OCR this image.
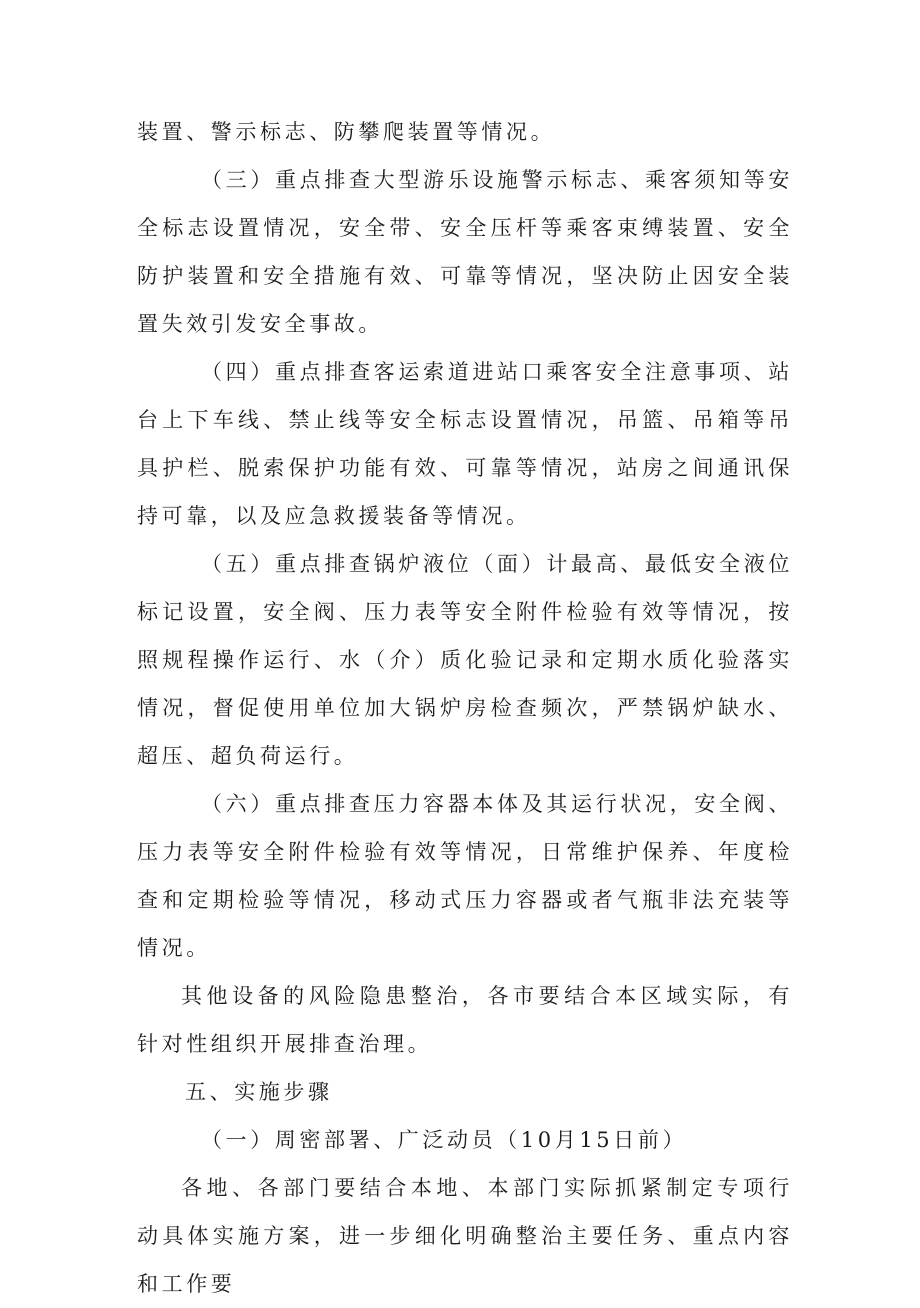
装置、警示标志、防攀爬装置等情况。

（三）重点排查大型游乐设施警示标志、乘客须知等安全标志设置情况，安全带、安全压杆等乘客束缚装置、安全防护装置和安全措施有效、可靠等情况，坚决防止因安全装置失效引发安全事故。

（四）重点排查客运索道进站口乘客安全注意事项、站台上下车线、禁止线等安全标志设置情况，吊篮、吊箱等吊具护栏、脱索保护功能有效、可靠等情况，站房之间通讯保持可靠，以及应急救援装备等情况。

（五）重点排查锅炉液位（面）计最高、最低安全液位标记设置，安全阀、压力表等安全附件检验有效等情况，按照规程操作运行、水（介）质化验记录和定期水质化验落实情况，督促使用单位加大锅炉房检查频次，严禁锅炉缺水、超压、超负荷运行。

（六）重点排查压力容器本体及其运行状况，安全阀、压力表等安全附件检验有效等情况，日常维护保养、年度检查和定期检验等情况，移动式压力容器或者气瓶非法充装等情况。

其他设备的风险隐患整治，各市要结合本区域实际，有针对性组织开展排查治理。

五、实施步骤

（一）周密部署、广泛动员（10月15日前）

各地、各部门要结合本地、本部门实际抓紧制定专项行动具体实施方案，进一步细化明确整治主要任务、重点内容和工作要
